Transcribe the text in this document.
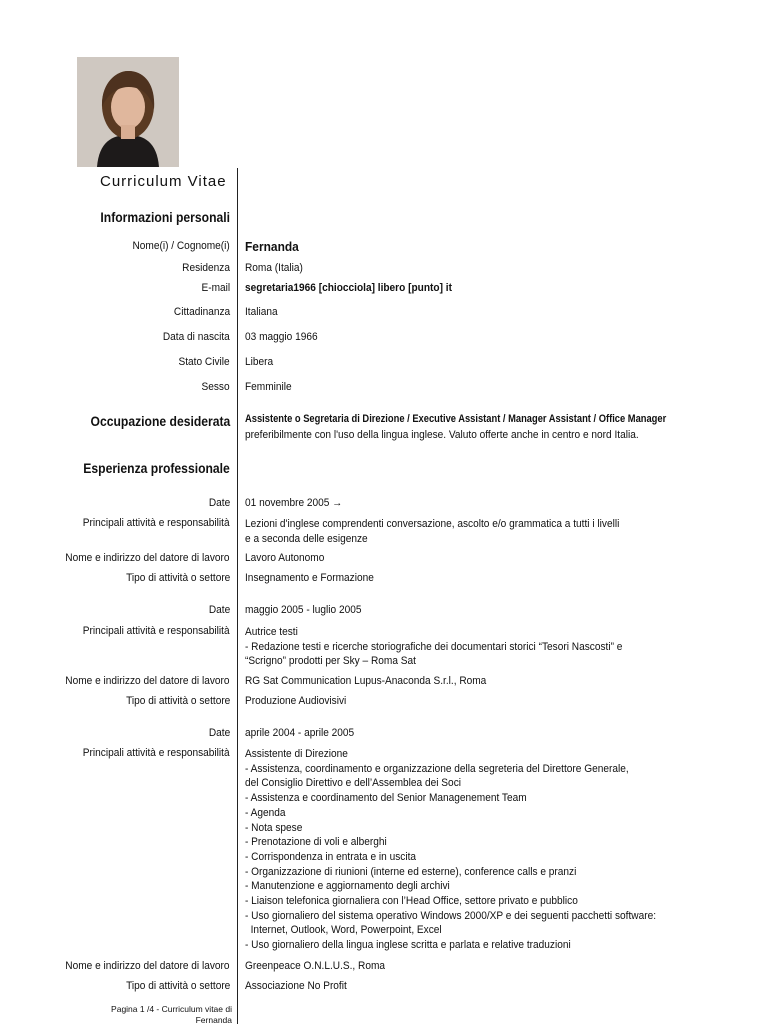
Curriculum Vitae
Informazioni personali
Nome(i) / Cognome(i) Fernanda
Residenza Roma (Italia)
E-mail segretaria1966 [chiocciola] libero [punto] it
Cittadinanza Italiana
Data di nascita 03 maggio 1966
Stato Civile Libera
Sesso Femminile
Occupazione desiderata Assistente o Segretaria di Direzione / Executive Assistant / Manager Assistant / Office Manager
preferibilmente con l'uso della lingua inglese. Valuto offerte anche in centro e nord Italia.
Esperienza professionale
Date 01 novembre 2005 →
Principali attività e responsabilità Lezioni d'inglese comprendenti conversazione, ascolto e/o grammatica a tutti i livelli
e a seconda delle esigenze
Nome e indirizzo del datore di lavoro Lavoro Autonomo
Tipo di attività o settore Insegnamento e Formazione
Date maggio 2005 - luglio 2005
Principali attività e responsabilità Autrice testi
- Redazione testi e ricerche storiografiche dei documentari storici “Tesori Nascosti” e
“Scrigno” prodotti per Sky – Roma Sat
Nome e indirizzo del datore di lavoro RG Sat Communication Lupus-Anaconda S.r.l., Roma
Tipo di attività o settore Produzione Audiovisivi
Date aprile 2004 - aprile 2005
Principali attività e responsabilità Assistente di Direzione
- Assistenza, coordinamento e organizzazione della segreteria del Direttore Generale,
del Consiglio Direttivo e dell’Assemblea dei Soci
- Assistenza e coordinamento del Senior Managenement Team
- Agenda
- Nota spese
- Prenotazione di voli e alberghi
- Corrispondenza in entrata e in uscita
- Organizzazione di riunioni (interne ed esterne), conference calls e pranzi
- Manutenzione e aggiornamento degli archivi
- Liaison telefonica giornaliera con l’Head Office, settore privato e pubblico
- Uso giornaliero del sistema operativo Windows 2000/XP e dei seguenti pacchetti software:
Internet, Outlook, Word, Powerpoint, Excel
- Uso giornaliero della lingua inglese scritta e parlata e relative traduzioni
Nome e indirizzo del datore di lavoro Greenpeace O.N.L.U.S., Roma
Tipo di attività o settore Associazione No Profit
Pagina 1 /4 - Curriculum vitae di
Fernanda
